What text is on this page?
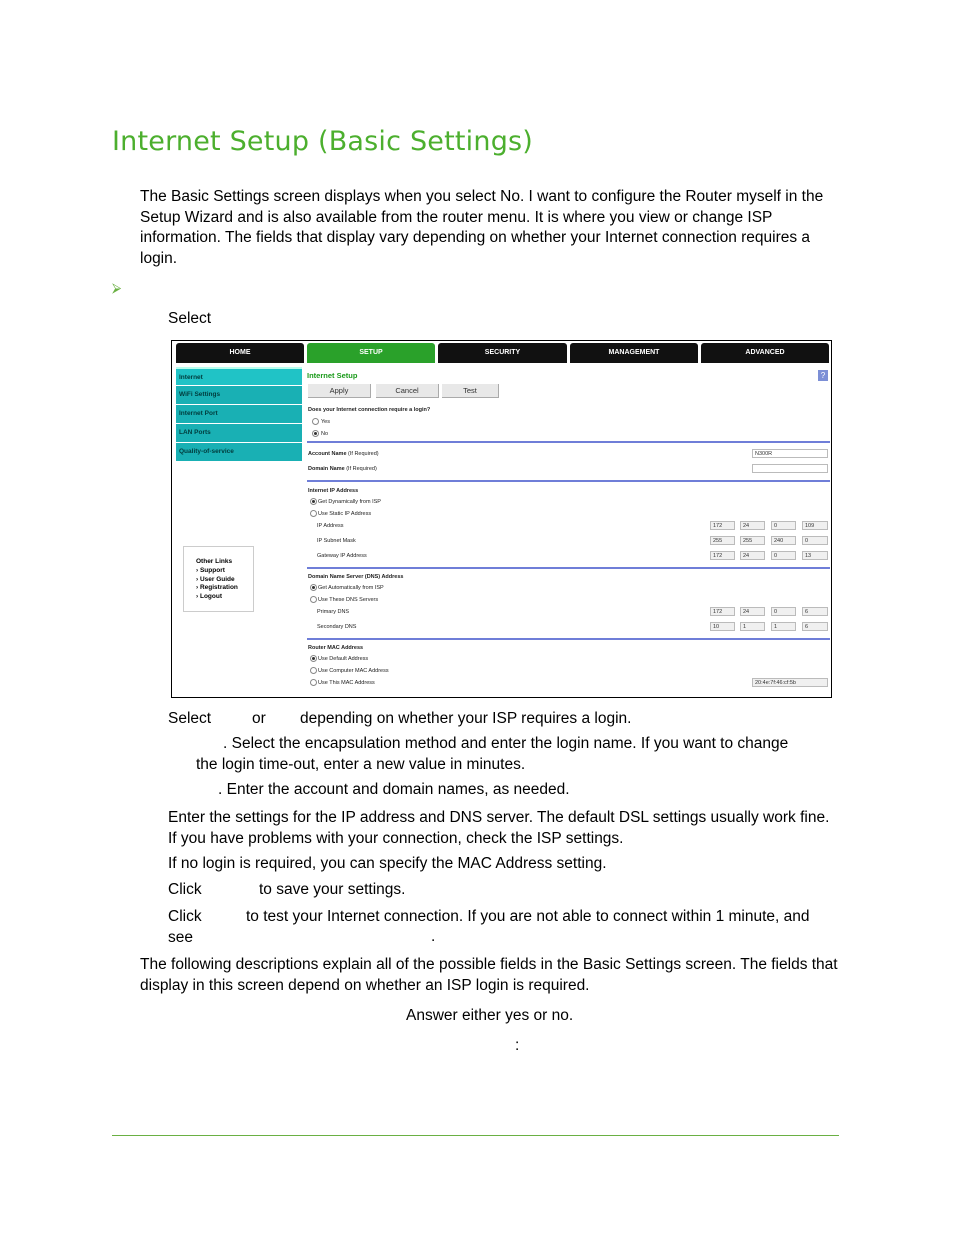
Internet Setup (Basic Settings)
The Basic Settings screen displays when you select No. I want to configure the Router myself in the Setup Wizard and is also available from the router menu. It is where you view or change ISP information. The fields that display vary depending on whether your Internet connection requires a login.
⮚
Select
HOME	SETUP	SECURITY	MANAGEMENT	ADVANCED
Internet
WiFi Settings
Internet Port
LAN Ports
Quality-of-service
Other Links
› Support
› User Guide
› Registration
› Logout
Internet Setup	?
Apply	Cancel	Test
Does your Internet connection require a login?
Yes
No
Account Name (If Required)	N300R
Domain Name (If Required)
Internet IP Address
Get Dynamically from ISP
Use Static IP Address
IP Address	172	24	0	109
IP Subnet Mask	255	255	240	0
Gateway IP Address	172	24	0	13
Domain Name Server (DNS) Address
Get Automatically from ISP
Use These DNS Servers
Primary DNS	172	24	0	6
Secondary DNS	10	1	1	6
Router MAC Address
Use Default Address
Use Computer MAC Address
Use This MAC Address	20:4e:7f:46:cf:5b
Select	or depending on whether your ISP requires a login.
. Select the encapsulation method and enter the login name. If you want to change the login time-out, enter a new value in minutes.
. Enter the account and domain names, as needed.
Enter the settings for the IP address and DNS server. The default DSL settings usually work fine. If you have problems with your connection, check the ISP settings.
If no login is required, you can specify the MAC Address setting.
Click	to save your settings.
Click	to test your Internet connection. If you are not able to connect within 1 minute, and see	.
The following descriptions explain all of the possible fields in the Basic Settings screen. The fields that display in this screen depend on whether an ISP login is required.
Answer either yes or no.
:
